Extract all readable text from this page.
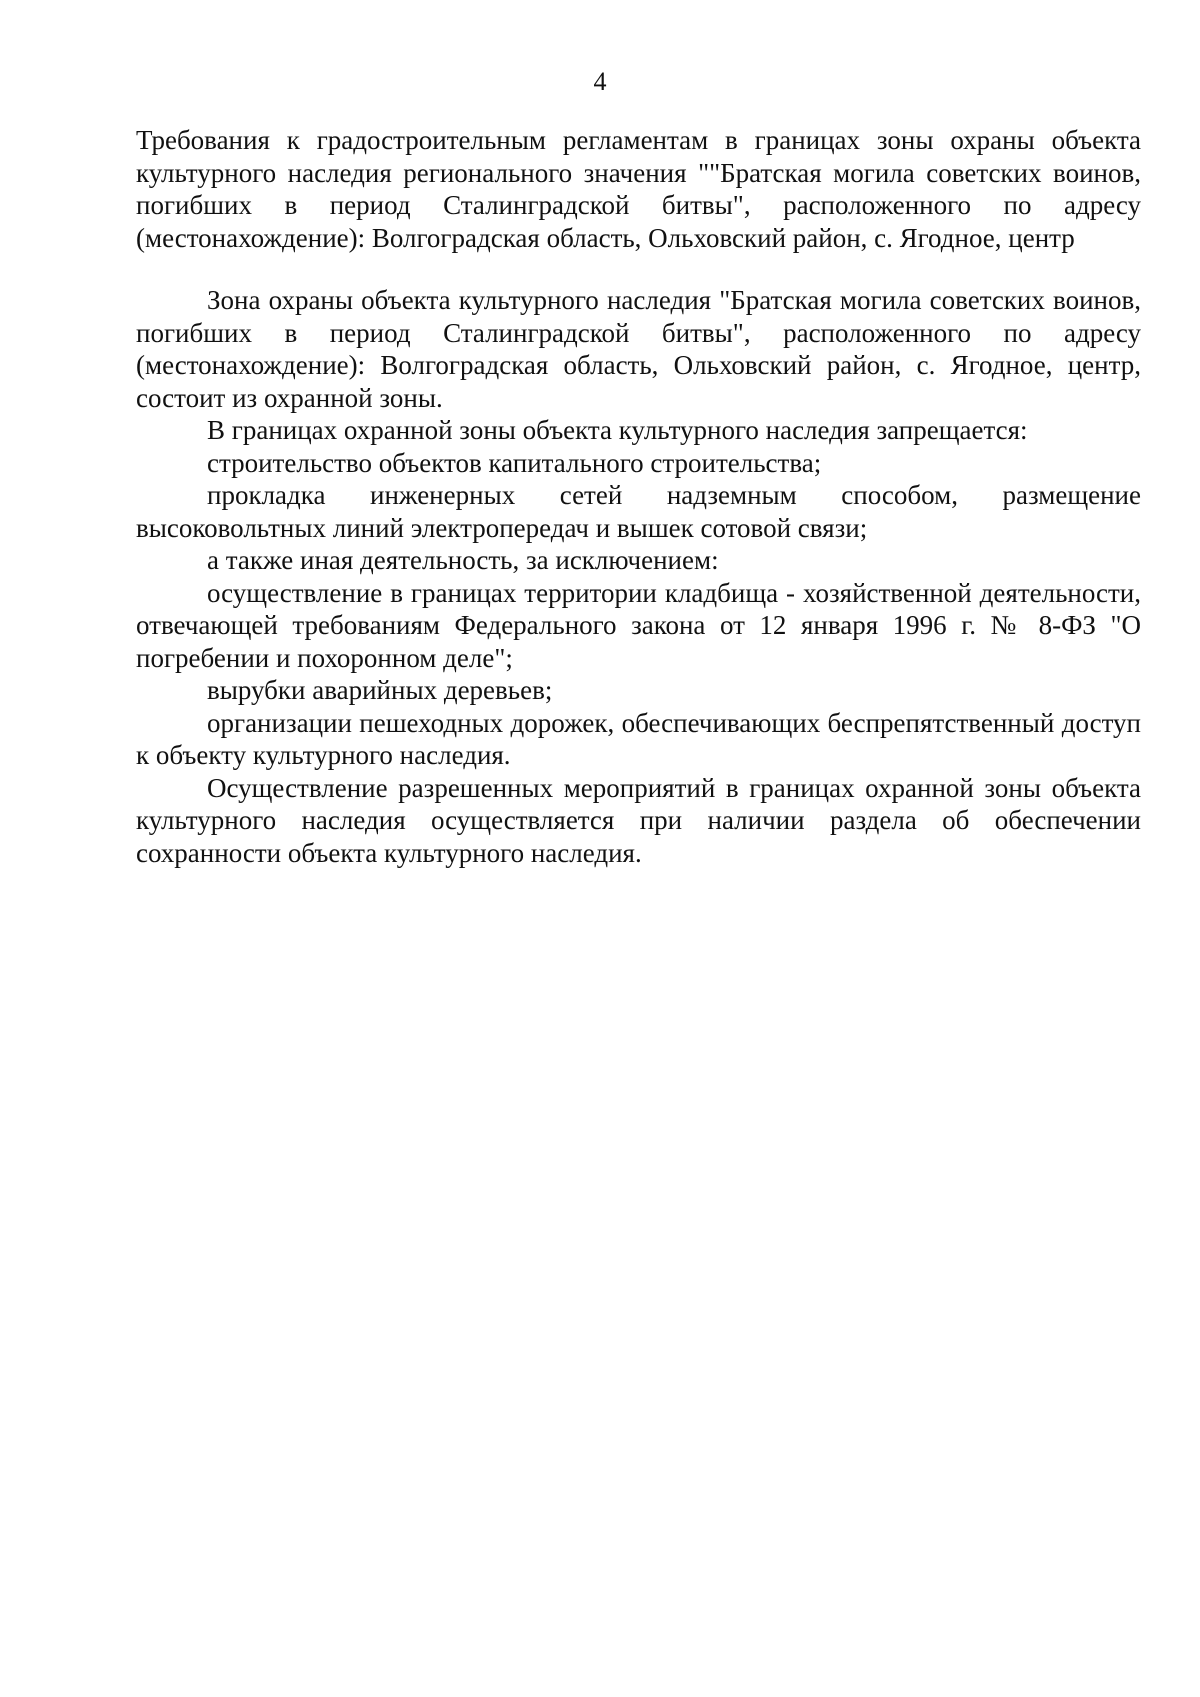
4

Требования к градостроительным регламентам в границах зоны охраны объекта культурного наследия регионального значения ""Братская могила советских воинов, погибших в период Сталинградской битвы", расположенного по адресу (местонахождение): Волгоградская область, Ольховский район, с. Ягодное, центр

Зона охраны объекта культурного наследия "Братская могила советских воинов, погибших в период Сталинградской битвы", расположенного по адресу (местонахождение): Волгоградская область, Ольховский район, с. Ягодное, центр, состоит из охранной зоны.

В границах охранной зоны объекта культурного наследия запрещается:

строительство объектов капитального строительства;

прокладка инженерных сетей надземным способом, размещение высоковольтных линий электропередач и вышек сотовой связи;

а также иная деятельность, за исключением:

осуществление в границах территории кладбища - хозяйственной деятельности, отвечающей требованиям Федерального закона от 12 января 1996 г. № 8-ФЗ "О погребении и похоронном деле";

вырубки аварийных деревьев;

организации пешеходных дорожек, обеспечивающих беспрепятственный доступ к объекту культурного наследия.

Осуществление разрешенных мероприятий в границах охранной зоны объекта культурного наследия осуществляется при наличии раздела об обеспечении сохранности объекта культурного наследия.
